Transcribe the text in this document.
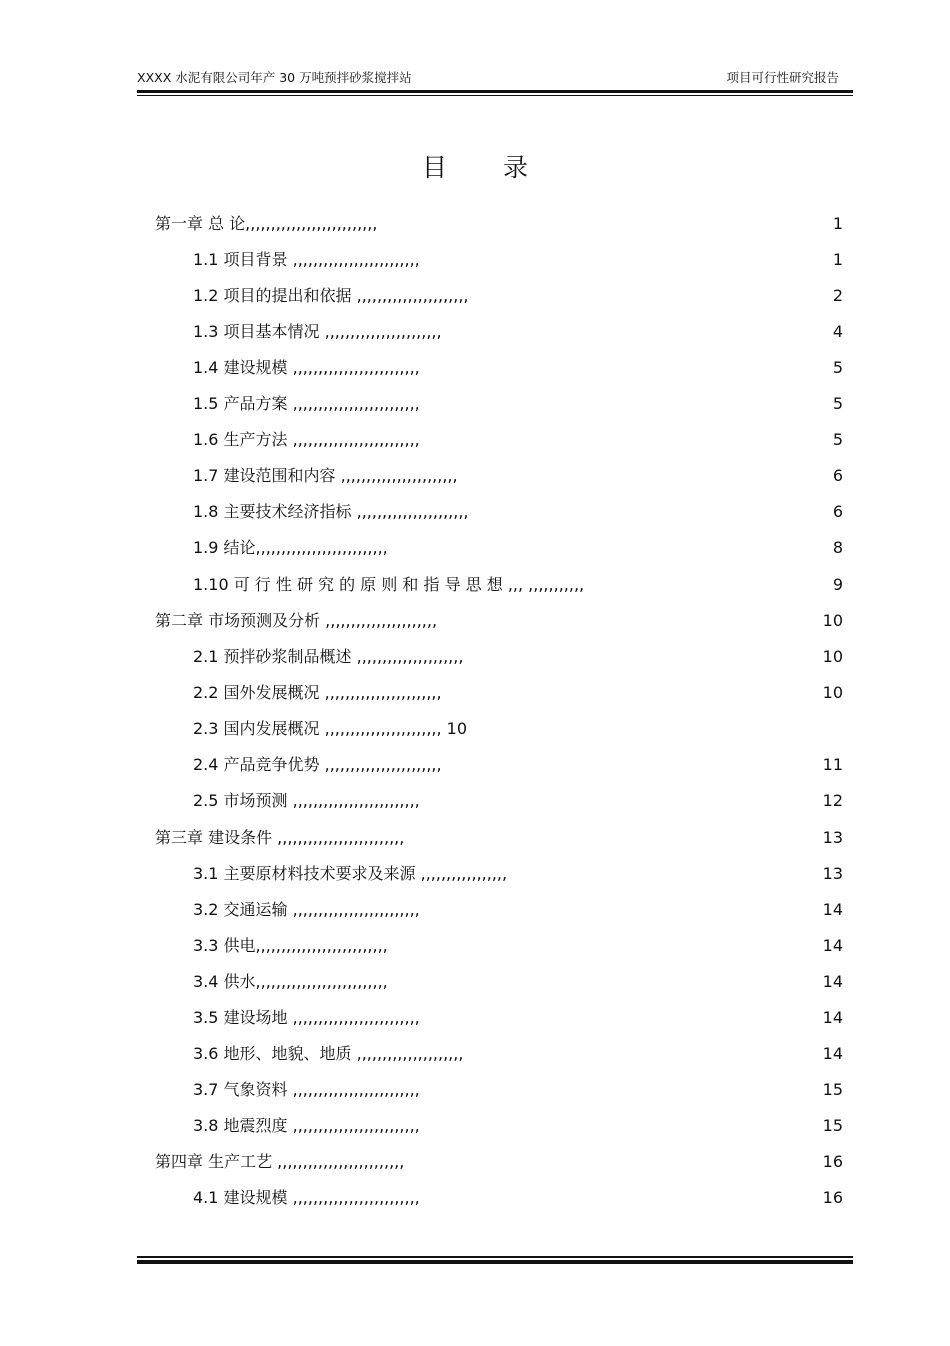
XXXX 水泥有限公司年产 30 万吨预拌砂浆搅拌站	项目可行性研究报告
目录
第一章 总 论,,,,,,,,,,,,,,,,,,,,,,,,,,	1
1.1 项目背景 ,,,,,,,,,,,,,,,,,,,,,,,,,	1
1.2 项目的提出和依据 ,,,,,,,,,,,,,,,,,,,,,,	2
1.3 项目基本情况 ,,,,,,,,,,,,,,,,,,,,,,,	4
1.4 建设规模 ,,,,,,,,,,,,,,,,,,,,,,,,,	5
1.5 产品方案 ,,,,,,,,,,,,,,,,,,,,,,,,,	5
1.6 生产方法 ,,,,,,,,,,,,,,,,,,,,,,,,,	5
1.7 建设范围和内容 ,,,,,,,,,,,,,,,,,,,,,,,	6
1.8 主要技术经济指标 ,,,,,,,,,,,,,,,,,,,,,,	6
1.9 结论,,,,,,,,,,,,,,,,,,,,,,,,,,	8
1.10 可 行 性 研 究 的 原 则 和 指 导 思 想 ,,, ,,,,,,,,,,,	9
第二章 市场预测及分析 ,,,,,,,,,,,,,,,,,,,,,,	10
2.1 预拌砂浆制品概述 ,,,,,,,,,,,,,,,,,,,,,	10
2.2 国外发展概况 ,,,,,,,,,,,,,,,,,,,,,,,	10
2.3 国内发展概况 ,,,,,,,,,,,,,,,,,,,,,,, 10
2.4 产品竞争优势 ,,,,,,,,,,,,,,,,,,,,,,,	11
2.5 市场预测 ,,,,,,,,,,,,,,,,,,,,,,,,,	12
第三章 建设条件 ,,,,,,,,,,,,,,,,,,,,,,,,,	13
3.1 主要原材料技术要求及来源 ,,,,,,,,,,,,,,,,,	13
3.2 交通运输 ,,,,,,,,,,,,,,,,,,,,,,,,,	14
3.3 供电,,,,,,,,,,,,,,,,,,,,,,,,,,	14
3.4 供水,,,,,,,,,,,,,,,,,,,,,,,,,,	14
3.5 建设场地 ,,,,,,,,,,,,,,,,,,,,,,,,,	14
3.6 地形、地貌、地质 ,,,,,,,,,,,,,,,,,,,,,	14
3.7 气象资料 ,,,,,,,,,,,,,,,,,,,,,,,,,	15
3.8 地震烈度 ,,,,,,,,,,,,,,,,,,,,,,,,,	15
第四章 生产工艺 ,,,,,,,,,,,,,,,,,,,,,,,,,	16
4.1 建设规模 ,,,,,,,,,,,,,,,,,,,,,,,,,	16
